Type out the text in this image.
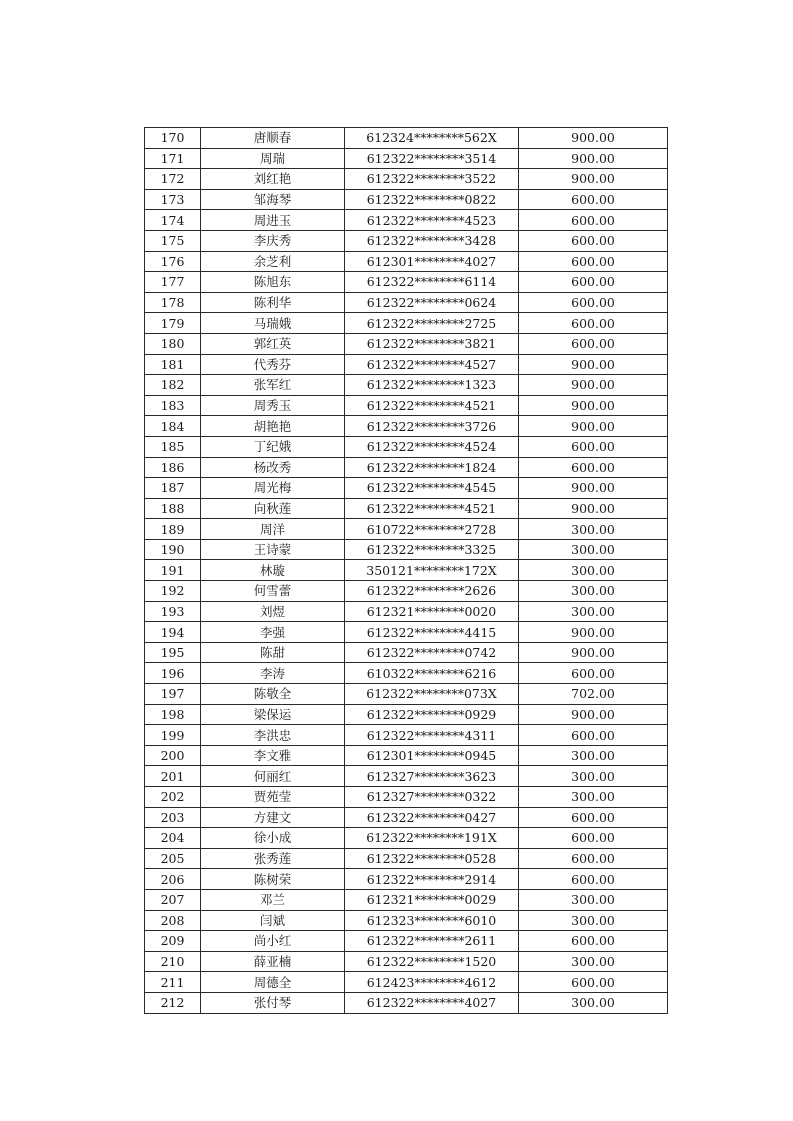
170	唐顺春	612324********562X	900.00
171	周瑞	612322********3514	900.00
172	刘红艳	612322********3522	900.00
173	邹海琴	612322********0822	600.00
174	周进玉	612322********4523	600.00
175	李庆秀	612322********3428	600.00
176	余芝利	612301********4027	600.00
177	陈旭东	612322********6114	600.00
178	陈利华	612322********0624	600.00
179	马瑞娥	612322********2725	600.00
180	郭红英	612322********3821	600.00
181	代秀芬	612322********4527	900.00
182	张军红	612322********1323	900.00
183	周秀玉	612322********4521	900.00
184	胡艳艳	612322********3726	900.00
185	丁纪娥	612322********4524	600.00
186	杨改秀	612322********1824	600.00
187	周光梅	612322********4545	900.00
188	向秋莲	612322********4521	900.00
189	周洋	610722********2728	300.00
190	王诗蒙	612322********3325	300.00
191	林璇	350121********172X	300.00
192	何雪蕾	612322********2626	300.00
193	刘煜	612321********0020	300.00
194	李强	612322********4415	900.00
195	陈甜	612322********0742	900.00
196	李涛	610322********6216	600.00
197	陈敬全	612322********073X	702.00
198	梁保运	612322********0929	900.00
199	李洪忠	612322********4311	600.00
200	李文雅	612301********0945	300.00
201	何丽红	612327********3623	300.00
202	贾苑莹	612327********0322	300.00
203	方建文	612322********0427	600.00
204	徐小成	612322********191X	600.00
205	张秀莲	612322********0528	600.00
206	陈树荣	612322********2914	600.00
207	邓兰	612321********0029	300.00
208	闫斌	612323********6010	300.00
209	尚小红	612322********2611	600.00
210	薛亚楠	612322********1520	300.00
211	周德全	612423********4612	600.00
212	张付琴	612322********4027	300.00
